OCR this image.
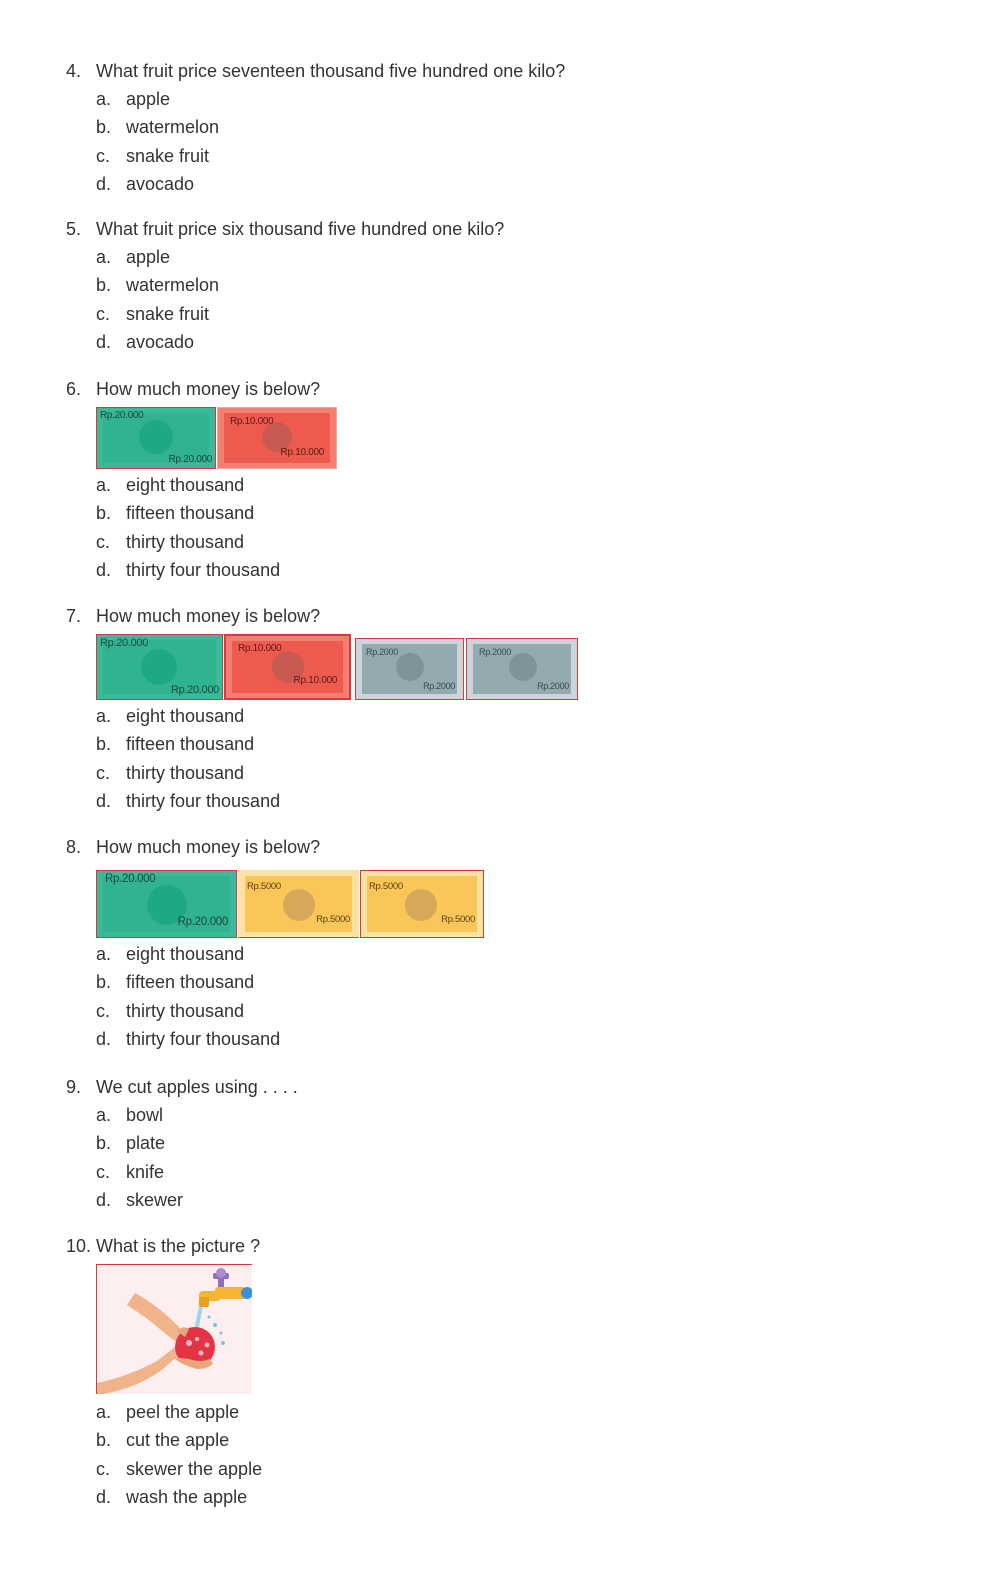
4. What fruit price seventeen thousand five hundred one kilo?
a. apple
b. watermelon
c. snake fruit
d. avocado
5. What fruit price six thousand five hundred one kilo?
a. apple
b. watermelon
c. snake fruit
d. avocado
6. How much money is below?
Rp.20.000
Rp.20.000
Rp.10.000
Rp.10.000
a. eight thousand
b. fifteen thousand
c. thirty thousand
d. thirty four thousand
7. How much money is below?
Rp.20.000
Rp.20.000
Rp.10.000
Rp.10.000
Rp.2000
Rp.2000
Rp.2000
Rp.2000
a. eight thousand
b. fifteen thousand
c. thirty thousand
d. thirty four thousand
8. How much money is below?
Rp.20.000
Rp.20.000
Rp.5000
Rp.5000
Rp.5000
Rp.5000
a. eight thousand
b. fifteen thousand
c. thirty thousand
d. thirty four thousand
9. We cut apples using . . . .
a. bowl
b. plate
c. knife
d. skewer
10. What is the picture ?
a. peel the apple
b. cut the apple
c. skewer the apple
d. wash the apple
